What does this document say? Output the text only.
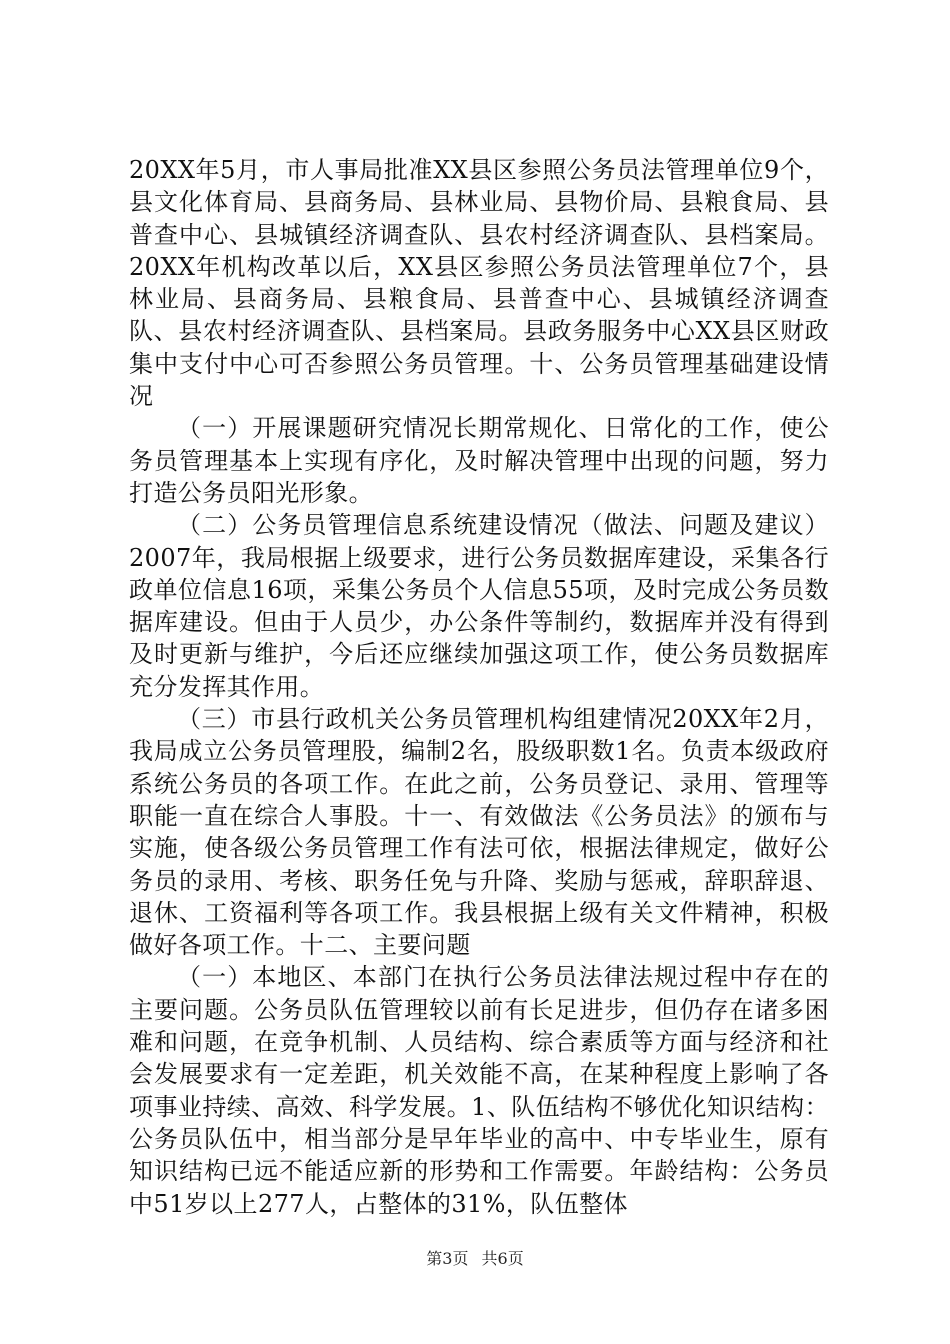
20XX年5月，市人事局批准XX县区参照公务员法管理单位9个，县文化体育局、县商务局、县林业局、县物价局、县粮食局、县普查中心、县城镇经济调查队、县农村经济调查队、县档案局。20XX年机构改革以后，XX县区参照公务员法管理单位7个，县林业局、县商务局、县粮食局、县普查中心、县城镇经济调查队、县农村经济调查队、县档案局。县政务服务中心XX县区财政集中支付中心可否参照公务员管理。十、公务员管理基础建设情况

（一）开展课题研究情况长期常规化、日常化的工作，使公务员管理基本上实现有序化，及时解决管理中出现的问题，努力打造公务员阳光形象。

（二）公务员管理信息系统建设情况（做法、问题及建议）2007年，我局根据上级要求，进行公务员数据库建设，采集各行政单位信息16项，采集公务员个人信息55项，及时完成公务员数据库建设。但由于人员少，办公条件等制约，数据库并没有得到及时更新与维护，今后还应继续加强这项工作，使公务员数据库充分发挥其作用。

（三）市县行政机关公务员管理机构组建情况20XX年2月，我局成立公务员管理股，编制2名，股级职数1名。负责本级政府系统公务员的各项工作。在此之前，公务员登记、录用、管理等职能一直在综合人事股。十一、有效做法《公务员法》的颁布与实施，使各级公务员管理工作有法可依，根据法律规定，做好公务员的录用、考核、职务任免与升降、奖励与惩戒，辞职辞退、退休、工资福利等各项工作。我县根据上级有关文件精神，积极做好各项工作。十二、主要问题

（一）本地区、本部门在执行公务员法律法规过程中存在的主要问题。公务员队伍管理较以前有长足进步，但仍存在诸多困难和问题，在竞争机制、人员结构、综合素质等方面与经济和社会发展要求有一定差距，机关效能不高，在某种程度上影响了各项事业持续、高效、科学发展。1、队伍结构不够优化知识结构：公务员队伍中，相当部分是早年毕业的高中、中专毕业生，原有知识结构已远不能适应新的形势和工作需要。年龄结构：公务员中51岁以上277人，占整体的31%，队伍整体

第3页 共6页
